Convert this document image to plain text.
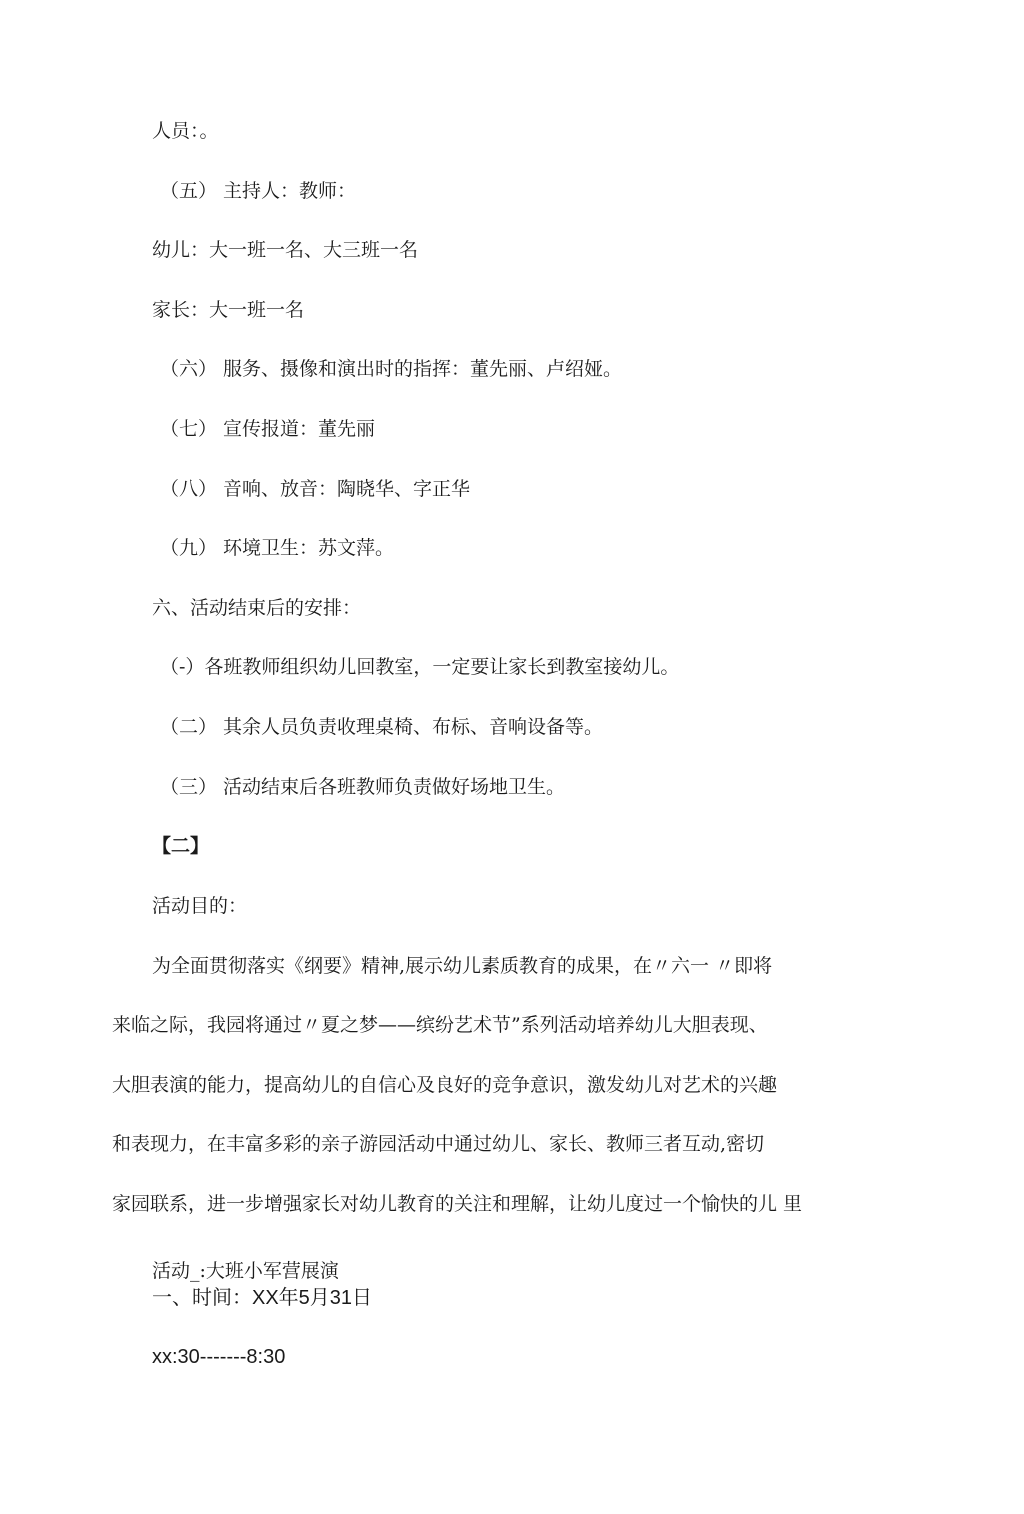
人员：。
（五） 主持人：教师：
幼儿：大一班一名、大三班一名
家长：大一班一名
（六） 服务、摄像和演出时的指挥：董先丽、卢绍娅。
（七） 宣传报道：董先丽
（八） 音响、放音：陶晓华、字正华
（九） 环境卫生：苏文萍。
六、活动结束后的安排：
（-）各班教师组织幼儿回教室，一定要让家长到教室接幼儿。
（二） 其余人员负责收理桌椅、布标、音响设备等。
（三） 活动结束后各班教师负责做好场地卫生。
【二】
活动目的：
为全面贯彻落实《纲要》精神,展示幼儿素质教育的成果，在〃六一 〃即将
来临之际，我园将通过〃夏之梦——缤纷艺术节”系列活动培养幼儿大胆表现、
大胆表演的能力，提高幼儿的自信心及良好的竞争意识，激发幼儿对艺术的兴趣
和表现力，在丰富多彩的亲子游园活动中通过幼儿、家长、教师三者互动,密切
家园联系，进一步增强家长对幼儿教育的关注和理解，让幼儿度过一个愉快的儿 里
活动_:大班小军营展演
一、时间：XX年5月31日
xx:30-------8:30
